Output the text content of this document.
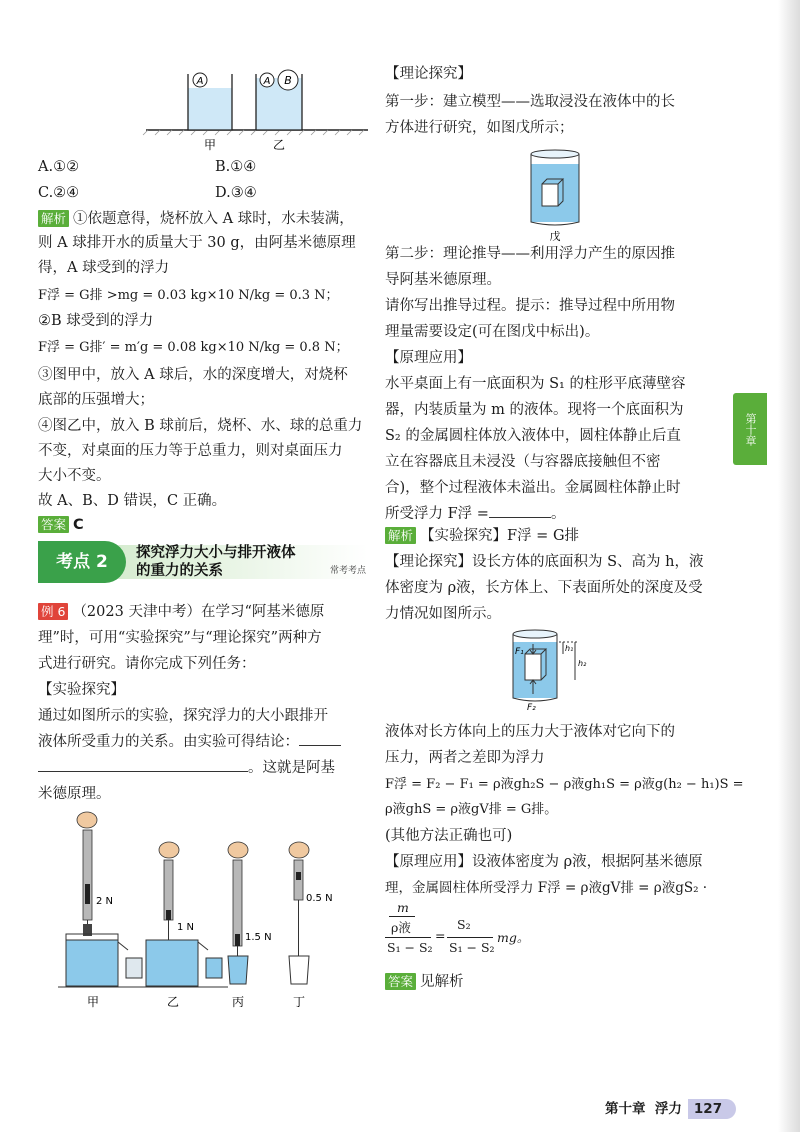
A	A B
甲	乙
A.①②	B.①④
C.②④	D.③④
解析 ①依题意得，烧杯放入 A 球时，水未装满，
则 A 球排开水的质量大于 30 g，由阿基米德原理
得，A 球受到的浮力
F浮 = G排 >mg = 0.03 kg×10 N/kg = 0.3 N；
②B 球受到的浮力
F浮 = G排′ = m′g = 0.08 kg×10 N/kg = 0.8 N；
③图甲中，放入 A 球后，水的深度增大，对烧杯
底部的压强增大；
④图乙中，放入 B 球前后，烧杯、水、球的总重力
不变，对桌面的压力等于总重力，则对桌面压力
大小不变。
故 A、B、D 错误，C 正确。
答案 C
探究浮力大小与排开液体
的重力的关系	常考考点
考点 2
例 6 （2023 天津中考）在学习“阿基米德原
理”时，可用“实验探究”与“理论探究”两种方
式进行研究。请你完成下列任务：
【实验探究】
通过如图所示的实验，探究浮力的大小跟排开
液体所受重力的关系。由实验可得结论：
。这就是阿基
米德原理。
2 N
1 N
1.5 N
0.5 N
甲	乙	丙	丁
【理论探究】
第一步：建立模型——选取浸没在液体中的长
方体进行研究，如图戊所示；
戊
第二步：理论推导——利用浮力产生的原因推
导阿基米德原理。
请你写出推导过程。提示：推导过程中所用物
理量需要设定(可在图戊中标出)。
【原理应用】
水平桌面上有一底面积为 S₁ 的柱形平底薄壁容
器，内装质量为 m 的液体。现将一个底面积为
S₂ 的金属圆柱体放入液体中，圆柱体静止后直
立在容器底且未浸没（与容器底接触但不密
合)，整个过程液体未溢出。金属圆柱体静止时
所受浮力 F浮 =	。
解析 【实验探究】F浮 = G排
【理论探究】设长方体的底面积为 S、高为 h，液
体密度为 ρ液，长方体上、下表面所处的深度及受
力情况如图所示。
F₁
F₂
h₁
h₂
液体对长方体向上的压力大于液体对它向下的
压力，两者之差即为浮力
F浮 = F₂ − F₁ = ρ液gh₂S − ρ液gh₁S = ρ液g(h₂ − h₁)S =
ρ液ghS = ρ液gV排 = G排。
(其他方法正确也可)
【原理应用】设液体密度为 ρ液，根据阿基米德原
理，金属圆柱体所受浮力 F浮 = ρ液gV排 = ρ液gS₂ ·
m
ρ液
S₁ − S₂
=
S₂
S₁ − S₂
mg。
答案 见解析
第十章
第十章 浮力 127
